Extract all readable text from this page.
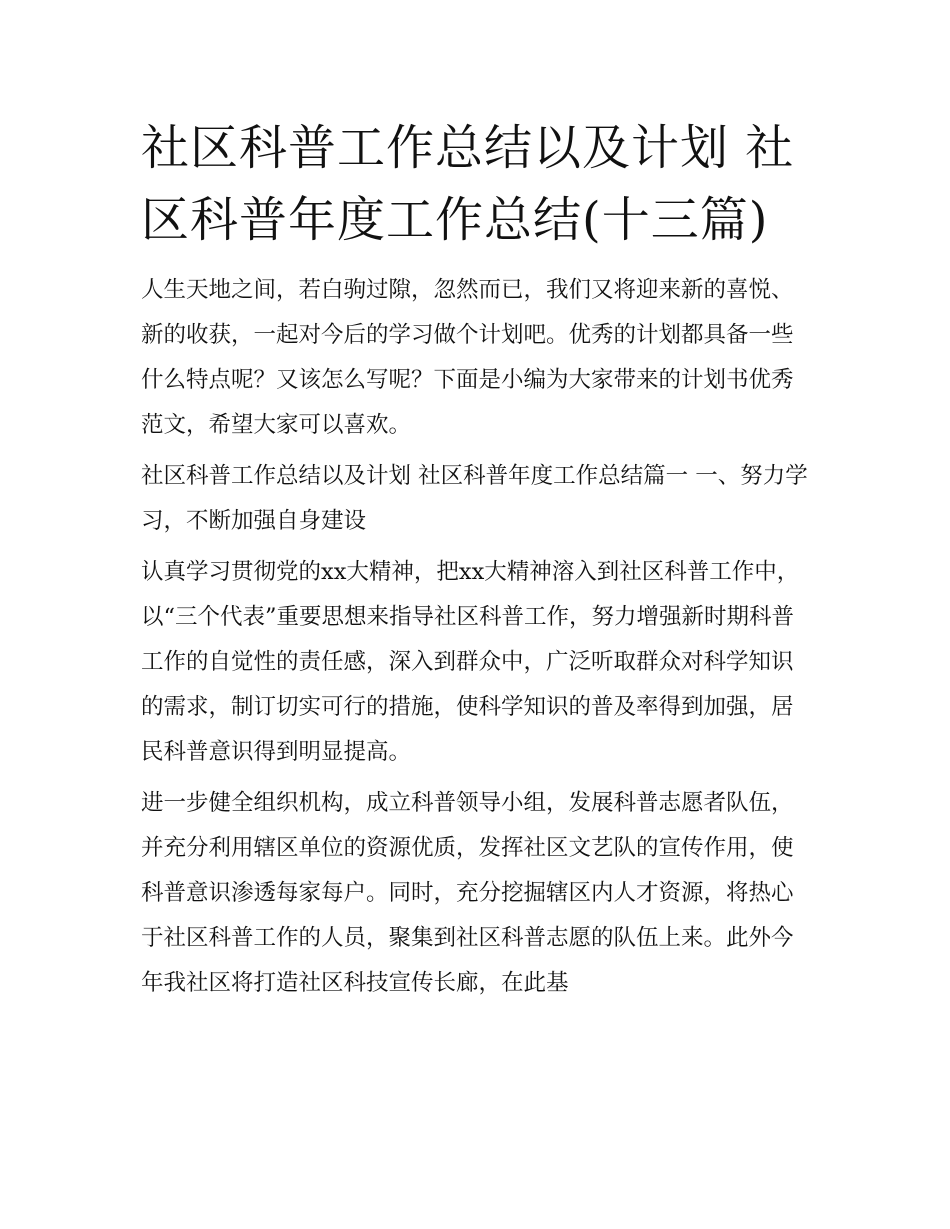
社区科普工作总结以及计划 社区科普年度工作总结(十三篇)

人生天地之间，若白驹过隙，忽然而已，我们又将迎来新的喜悦、新的收获，一起对今后的学习做个计划吧。优秀的计划都具备一些什么特点呢？又该怎么写呢？下面是小编为大家带来的计划书优秀范文，希望大家可以喜欢。

社区科普工作总结以及计划 社区科普年度工作总结篇一 一、努力学习，不断加强自身建设

认真学习贯彻党的xx大精神，把xx大精神溶入到社区科普工作中，以“三个代表”重要思想来指导社区科普工作，努力增强新时期科普工作的自觉性的责任感，深入到群众中，广泛听取群众对科学知识的需求，制订切实可行的措施，使科学知识的普及率得到加强，居民科普意识得到明显提高。

进一步健全组织机构，成立科普领导小组，发展科普志愿者队伍，并充分利用辖区单位的资源优质，发挥社区文艺队的宣传作用，使科普意识渗透每家每户。同时，充分挖掘辖区内人才资源，将热心于社区科普工作的人员，聚集到社区科普志愿的队伍上来。此外今年我社区将打造社区科技宣传长廊，在此基
